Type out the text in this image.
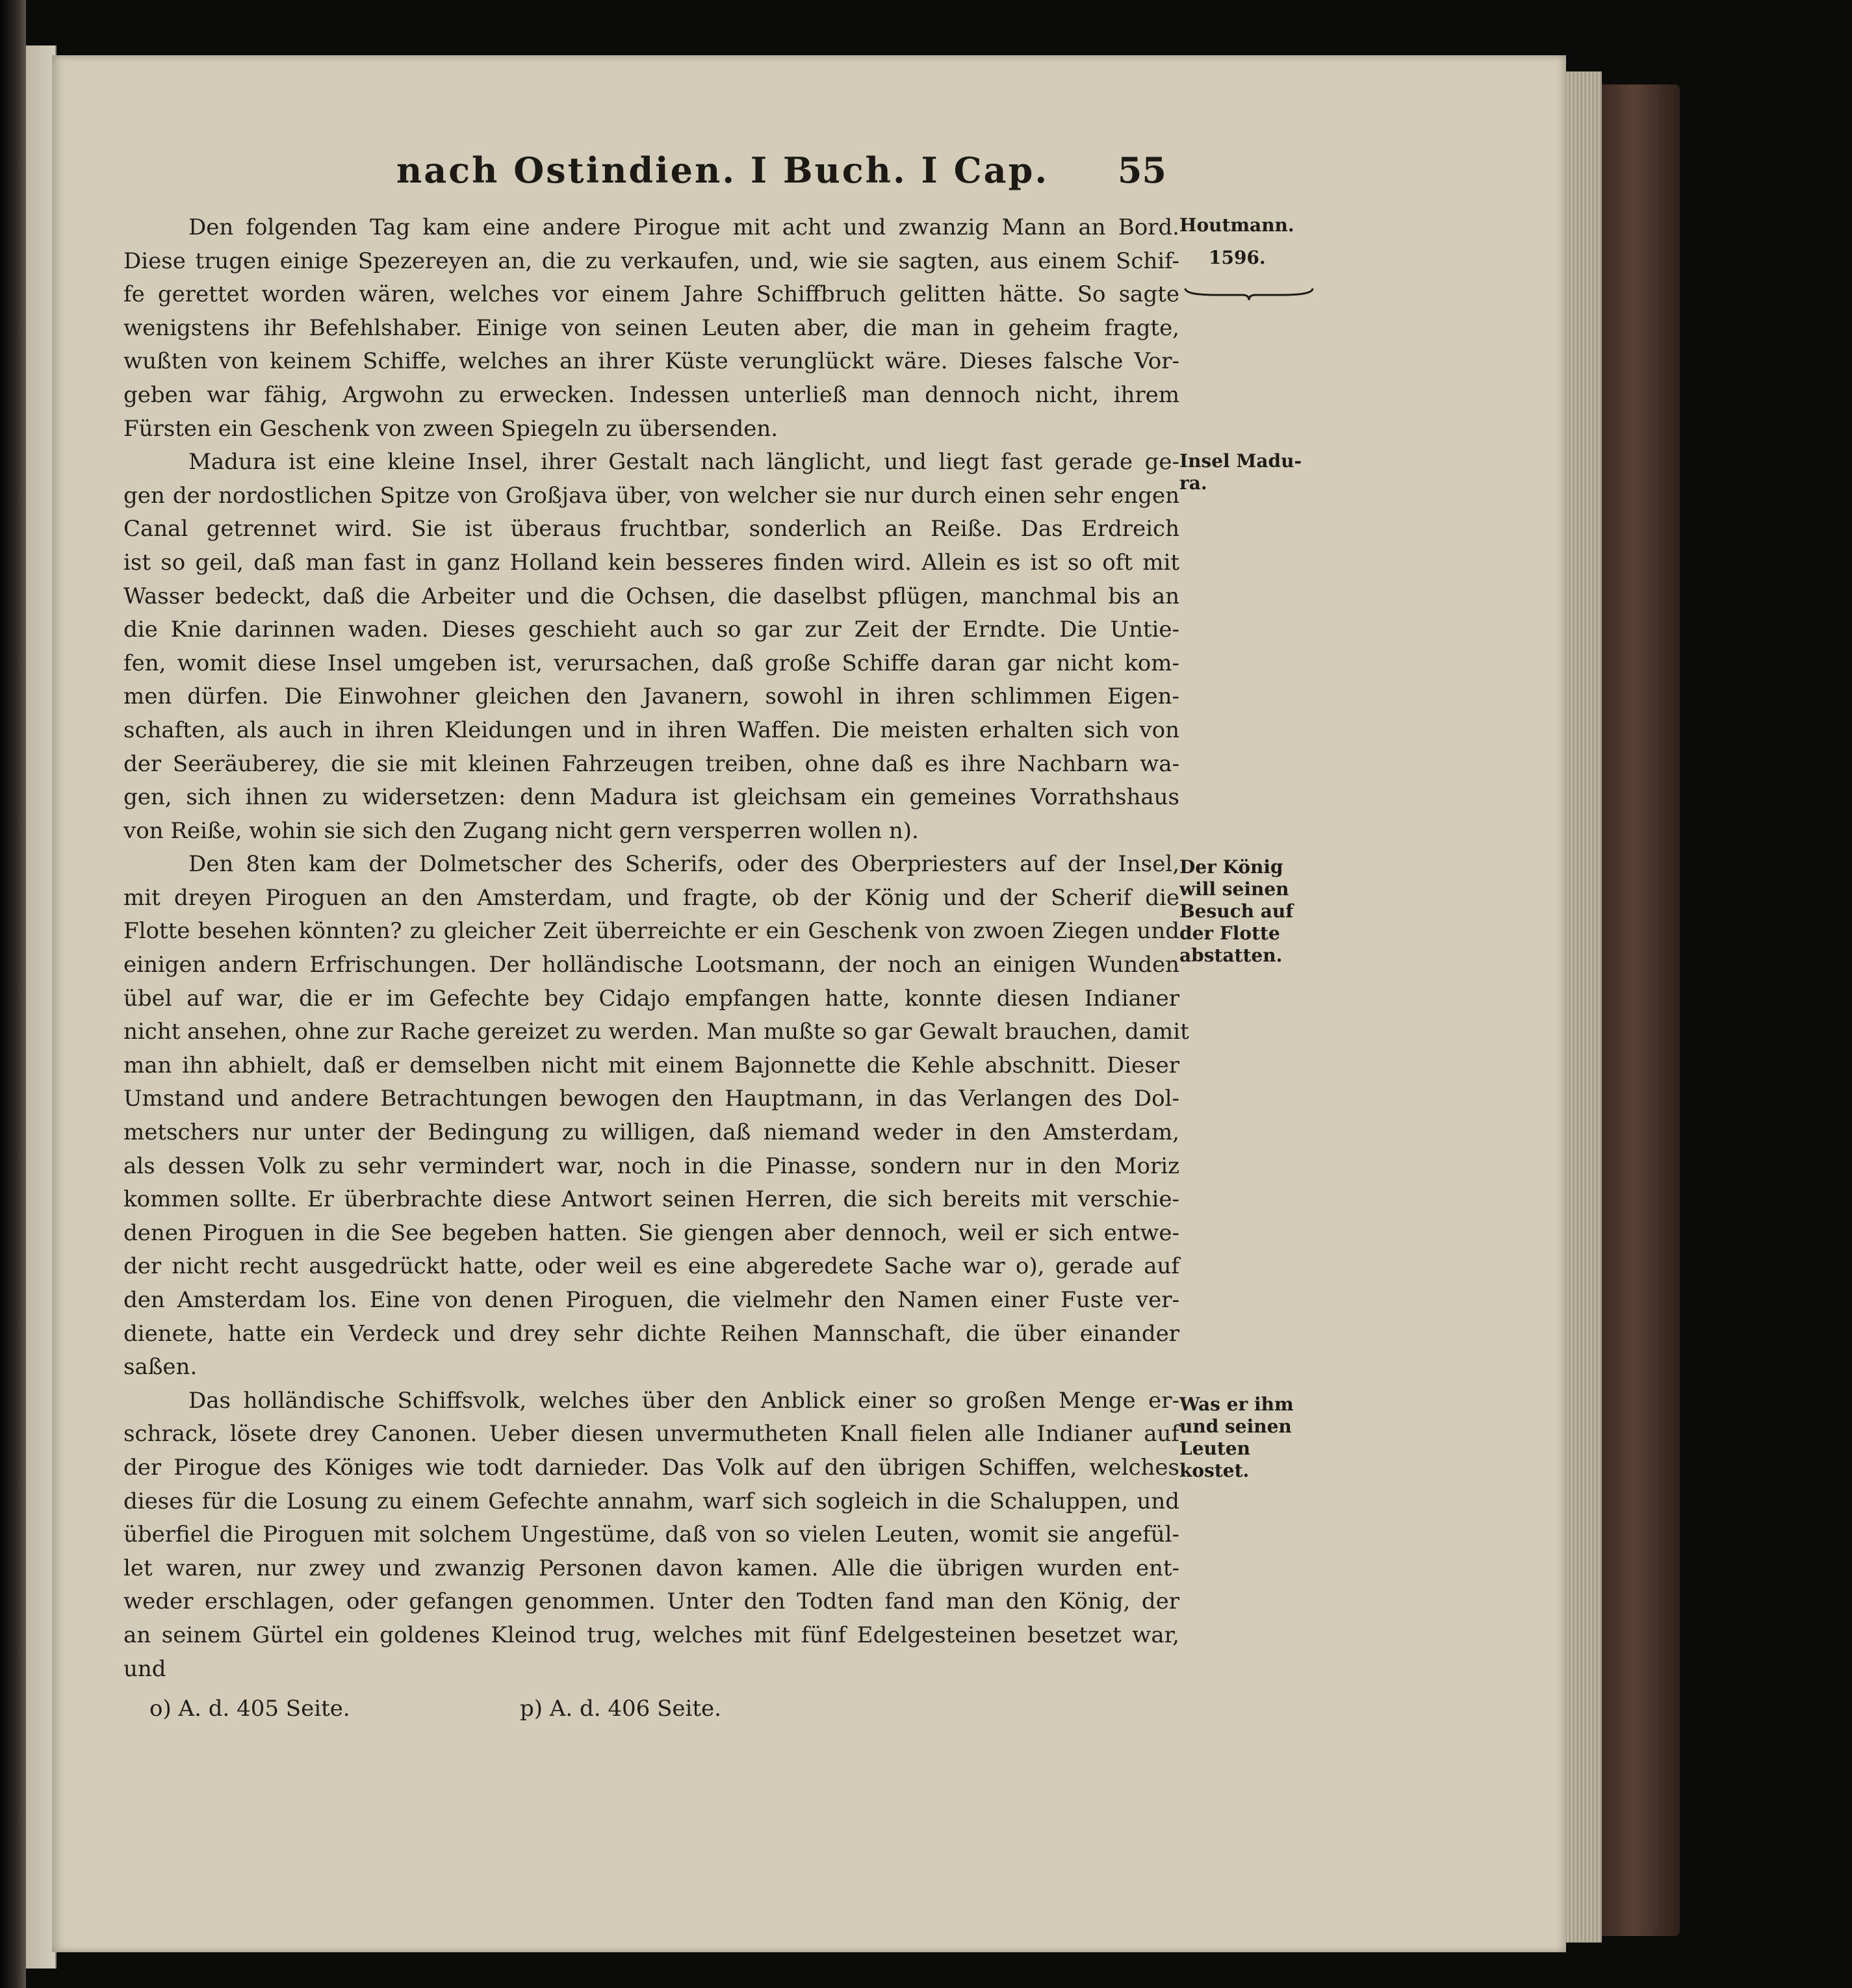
nach Ostindien. I Buch. I Cap. 55
Den folgenden Tag kam eine andere Pirogue mit acht und zwanzig Mann an Bord.
Diese trugen einige Spezereyen an, die zu verkaufen, und, wie sie sagten, aus einem Schif-
fe gerettet worden wären, welches vor einem Jahre Schiffbruch gelitten hätte. So sagte
wenigstens ihr Befehlshaber. Einige von seinen Leuten aber, die man in geheim fragte,
wußten von keinem Schiffe, welches an ihrer Küste verunglückt wäre. Dieses falsche Vor-
geben war fähig, Argwohn zu erwecken. Indessen unterließ man dennoch nicht, ihrem
Fürsten ein Geschenk von zween Spiegeln zu übersenden.
Madura ist eine kleine Insel, ihrer Gestalt nach länglicht, und liegt fast gerade ge-
gen der nordostlichen Spitze von Großjava über, von welcher sie nur durch einen sehr engen
Canal getrennet wird. Sie ist überaus fruchtbar, sonderlich an Reiße. Das Erdreich
ist so geil, daß man fast in ganz Holland kein besseres finden wird. Allein es ist so oft mit
Wasser bedeckt, daß die Arbeiter und die Ochsen, die daselbst pflügen, manchmal bis an
die Knie darinnen waden. Dieses geschieht auch so gar zur Zeit der Erndte. Die Untie-
fen, womit diese Insel umgeben ist, verursachen, daß große Schiffe daran gar nicht kom-
men dürfen. Die Einwohner gleichen den Javanern, sowohl in ihren schlimmen Eigen-
schaften, als auch in ihren Kleidungen und in ihren Waffen. Die meisten erhalten sich von
der Seeräuberey, die sie mit kleinen Fahrzeugen treiben, ohne daß es ihre Nachbarn wa-
gen, sich ihnen zu widersetzen: denn Madura ist gleichsam ein gemeines Vorrathshaus
von Reiße, wohin sie sich den Zugang nicht gern versperren wollen n).
Den 8ten kam der Dolmetscher des Scherifs, oder des Oberpriesters auf der Insel,
mit dreyen Piroguen an den Amsterdam, und fragte, ob der König und der Scherif die
Flotte besehen könnten? zu gleicher Zeit überreichte er ein Geschenk von zwoen Ziegen und
einigen andern Erfrischungen. Der holländische Lootsmann, der noch an einigen Wunden
übel auf war, die er im Gefechte bey Cidajo empfangen hatte, konnte diesen Indianer
nicht ansehen, ohne zur Rache gereizet zu werden. Man mußte so gar Gewalt brauchen, damit
man ihn abhielt, daß er demselben nicht mit einem Bajonnette die Kehle abschnitt. Dieser
Umstand und andere Betrachtungen bewogen den Hauptmann, in das Verlangen des Dol-
metschers nur unter der Bedingung zu willigen, daß niemand weder in den Amsterdam,
als dessen Volk zu sehr vermindert war, noch in die Pinasse, sondern nur in den Moriz
kommen sollte. Er überbrachte diese Antwort seinen Herren, die sich bereits mit verschie-
denen Piroguen in die See begeben hatten. Sie giengen aber dennoch, weil er sich entwe-
der nicht recht ausgedrückt hatte, oder weil es eine abgeredete Sache war o), gerade auf
den Amsterdam los. Eine von denen Piroguen, die vielmehr den Namen einer Fuste ver-
dienete, hatte ein Verdeck und drey sehr dichte Reihen Mannschaft, die über einander
saßen.
Das holländische Schiffsvolk, welches über den Anblick einer so großen Menge er-
schrack, lösete drey Canonen. Ueber diesen unvermutheten Knall fielen alle Indianer auf
der Pirogue des Königes wie todt darnieder. Das Volk auf den übrigen Schiffen, welches
dieses für die Losung zu einem Gefechte annahm, warf sich sogleich in die Schaluppen, und
überfiel die Piroguen mit solchem Ungestüme, daß von so vielen Leuten, womit sie angefül-
let waren, nur zwey und zwanzig Personen davon kamen. Alle die übrigen wurden ent-
weder erschlagen, oder gefangen genommen. Unter den Todten fand man den König, der
an seinem Gürtel ein goldenes Kleinod trug, welches mit fünf Edelgesteinen besetzet war,
und
Houtmann.
1596.
Insel Madu-ra.
Der König will seinen Besuch auf der Flotte abstatten.
Was er ihm und seinen Leuten kostet.
o) A. d. 405 Seite.	p) A. d. 406 Seite.
